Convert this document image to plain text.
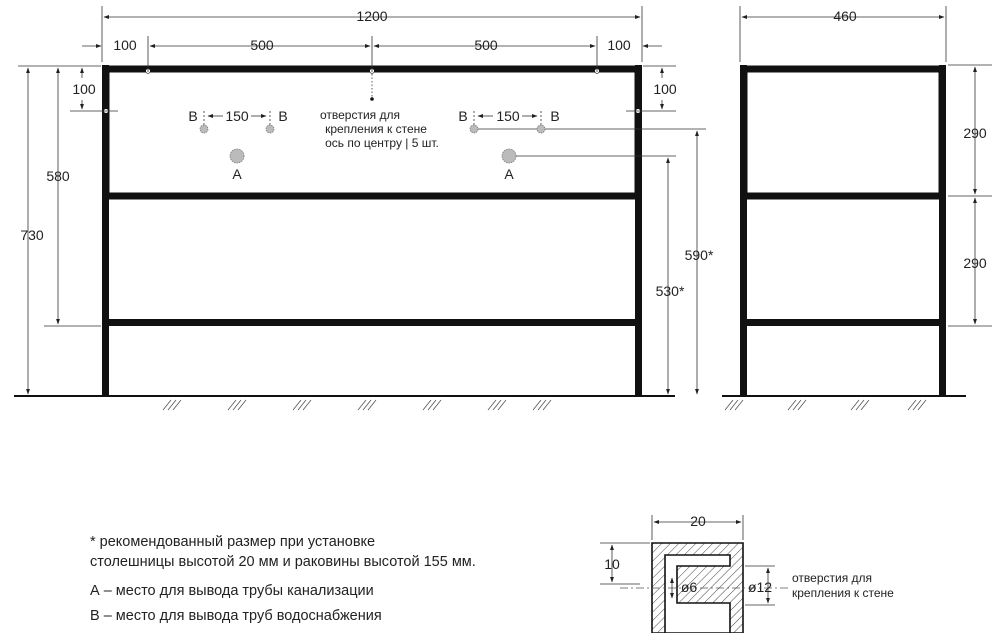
1200
100	500	500	100
730
580
100	100
590*
530*
150
B	B
A
150
B	B
A
отверстия для
крепления к стене
ось по центру | 5 шт.
460
290
290
* рекомендованный размер при установке
столешницы высотой 20 мм и раковины высотой 155 мм.
А – место для вывода трубы канализации
В – место для вывода труб водоснабжения
20
10
ø6	ø12
отверстия для
крепления к стене
